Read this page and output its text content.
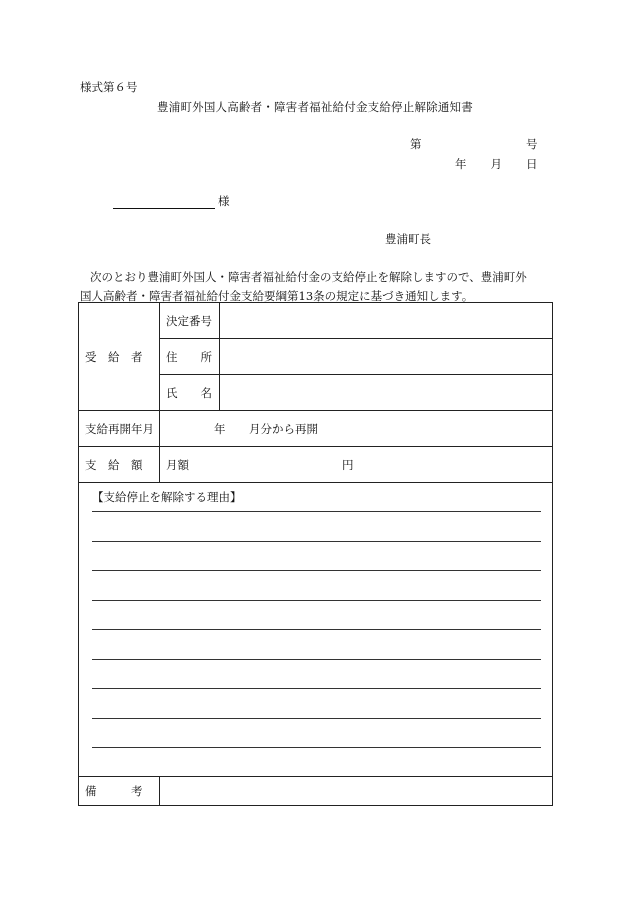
様式第６号
豊浦町外国人高齢者・障害者福祉給付金支給停止解除通知書
第	号
年 月 日
様
豊浦町長
次のとおり豊浦町外国人・障害者福祉給付金の支給停止を解除しますので、豊浦町外
国人高齢者・障害者福祉給付金支給要綱第13条の規定に基づき通知します。
受　給　者
決定番号
住　　所
氏　　名
支給再開年月	年 月分から再開
支　給　額 月額	円
【支給停止を解除する理由】
備　　　考
